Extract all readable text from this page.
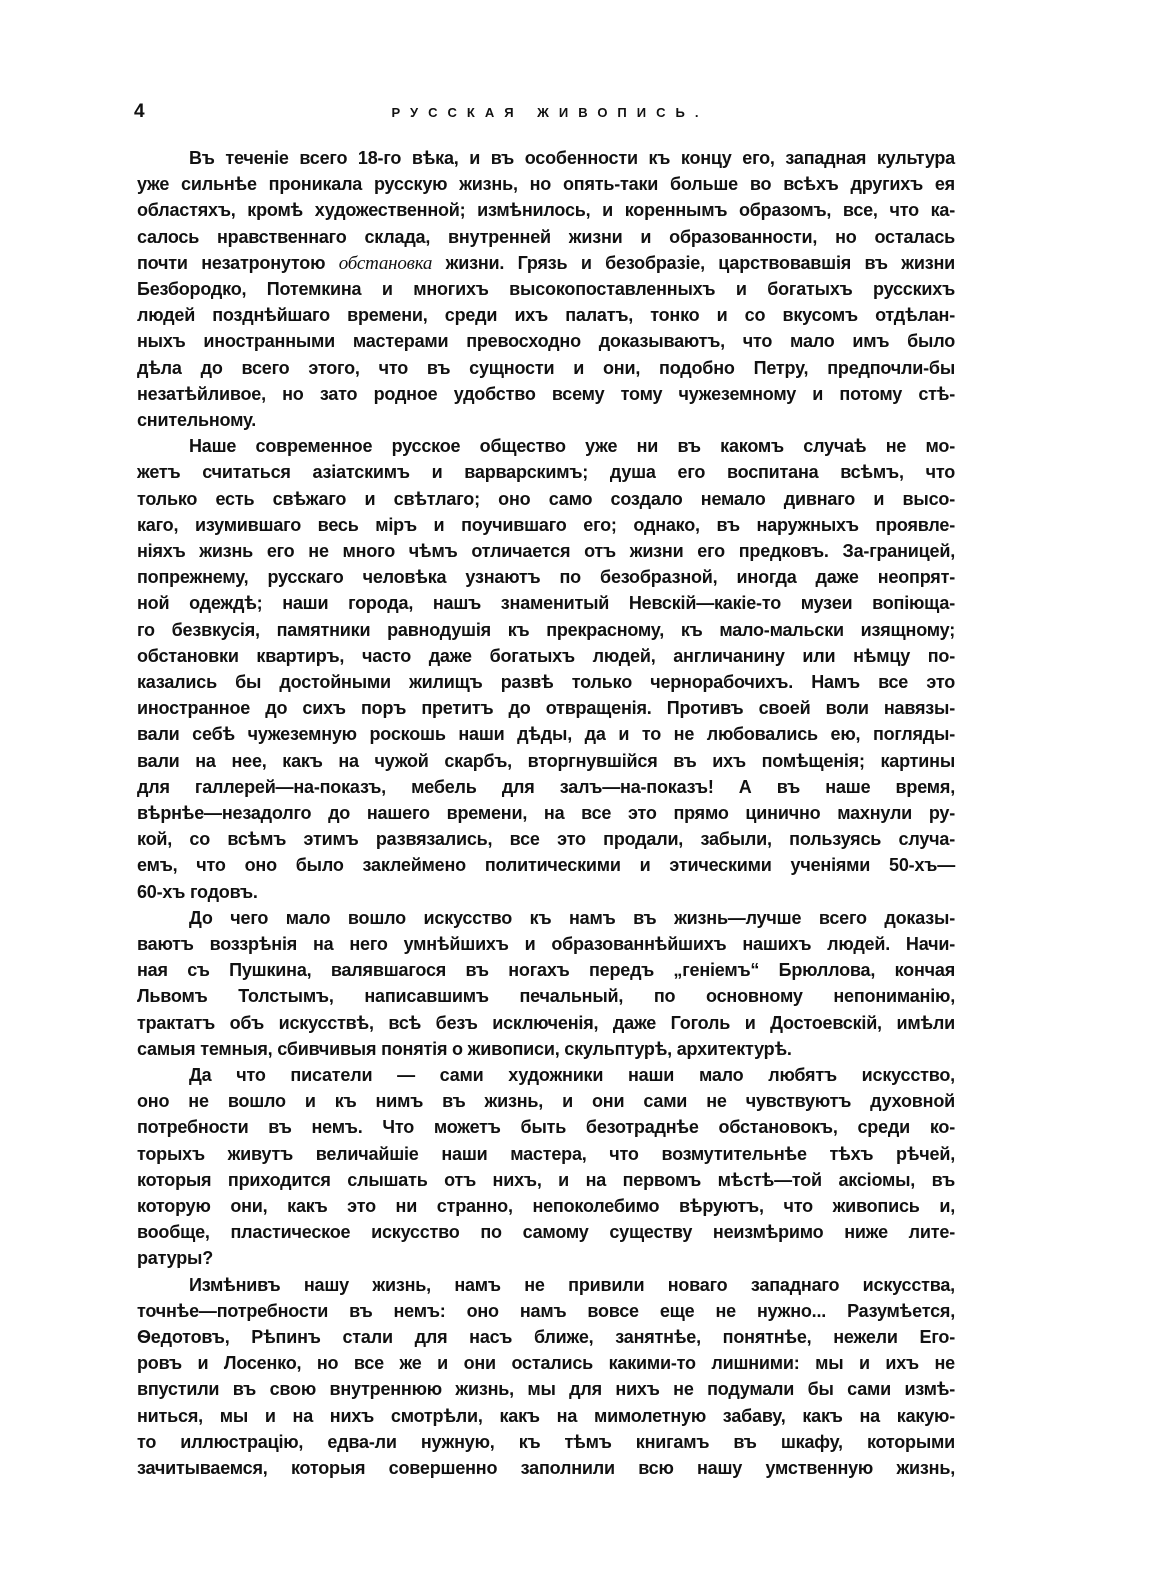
4	РУССКАЯ ЖИВОПИСЬ.
Въ теченіе всего 18-го вѣка, и въ особенности къ концу его, западная культура
уже сильнѣе проникала русскую жизнь, но опять-таки больше во всѣхъ другихъ ея
областяхъ, кромѣ художественной; измѣнилось, и кореннымъ образомъ, все, что ка-
салось нравственнаго склада, внутренней жизни и образованности, но осталась
почти незатронутою обстановка жизни. Грязь и безобразіе, царствовавшія въ жизни
Безбородко, Потемкина и многихъ высокопоставленныхъ и богатыхъ русскихъ
людей позднѣйшаго времени, среди ихъ палатъ, тонко и со вкусомъ отдѣлан-
ныхъ иностранными мастерами превосходно доказываютъ, что мало имъ было
дѣла до всего этого, что въ сущности и они, подобно Петру, предпочли-бы
незатѣйливое, но зато родное удобство всему тому чужеземному и потому стѣ-
снительному.
Наше современное русское общество уже ни въ какомъ случаѣ не мо-
жетъ считаться азіатскимъ и варварскимъ; душа его воспитана всѣмъ, что
только есть свѣжаго и свѣтлаго; оно само создало немало дивнаго и высо-
каго, изумившаго весь міръ и поучившаго его; однако, въ наружныхъ проявле-
ніяхъ жизнь его не много чѣмъ отличается отъ жизни его предковъ. За-границей,
попрежнему, русскаго человѣка узнаютъ по безобразной, иногда даже неопрят-
ной одеждѣ; наши города, нашъ знаменитый Невскій—какіе-то музеи вопіюща-
го безвкусія, памятники равнодушія къ прекрасному, къ мало-мальски изящному;
обстановки квартиръ, часто даже богатыхъ людей, англичанину или нѣмцу по-
казались бы достойными жилищъ развѣ только чернорабочихъ. Намъ все это
иностранное до сихъ поръ претитъ до отвращенія. Противъ своей воли навязы-
вали себѣ чужеземную роскошь наши дѣды, да и то не любовались ею, погляды-
вали на нее, какъ на чужой скарбъ, вторгнувшійся въ ихъ помѣщенія; картины
для галлерей—на-показъ, мебель для залъ—на-показъ! А въ наше время,
вѣрнѣе—незадолго до нашего времени, на все это прямо цинично махнули ру-
кой, со всѣмъ этимъ развязались, все это продали, забыли, пользуясь случа-
емъ, что оно было заклеймено политическими и этическими ученіями 50-хъ—
60-хъ годовъ.
До чего мало вошло искусство къ намъ въ жизнь—лучше всего доказы-
ваютъ воззрѣнія на него умнѣйшихъ и образованнѣйшихъ нашихъ людей. Начи-
ная съ Пушкина, валявшагося въ ногахъ передъ „геніемъ“ Брюллова, кончая
Львомъ Толстымъ, написавшимъ печальный, по основному непониманію,
трактатъ объ искусствѣ, всѣ безъ исключенія, даже Гоголь и Достоевскій, имѣли
самыя темныя, сбивчивыя понятія о живописи, скульптурѣ, архитектурѣ.
Да что писатели — сами художники наши мало любятъ искусство,
оно не вошло и къ нимъ въ жизнь, и они сами не чувствуютъ духовной
потребности въ немъ. Что можетъ быть безотраднѣе обстановокъ, среди ко-
торыхъ живутъ величайшіе наши мастера, что возмутительнѣе тѣхъ рѣчей,
которыя приходится слышать отъ нихъ, и на первомъ мѣстѣ—той аксіомы, въ
которую они, какъ это ни странно, непоколебимо вѣруютъ, что живопись и,
вообще, пластическое искусство по самому существу неизмѣримо ниже лите-
ратуры?
Измѣнивъ нашу жизнь, намъ не привили новаго западнаго искусства,
точнѣе—потребности въ немъ: оно намъ вовсе еще не нужно... Разумѣется,
Ѳедотовъ, Рѣпинъ стали для насъ ближе, занятнѣе, понятнѣе, нежели Его-
ровъ и Лосенко, но все же и они остались какими-то лишними: мы и ихъ не
впустили въ свою внутреннюю жизнь, мы для нихъ не подумали бы сами измѣ-
ниться, мы и на нихъ смотрѣли, какъ на мимолетную забаву, какъ на какую-
то иллюстрацію, едва-ли нужную, къ тѣмъ книгамъ въ шкафу, которыми
зачитываемся, которыя совершенно заполнили всю нашу умственную жизнь,
